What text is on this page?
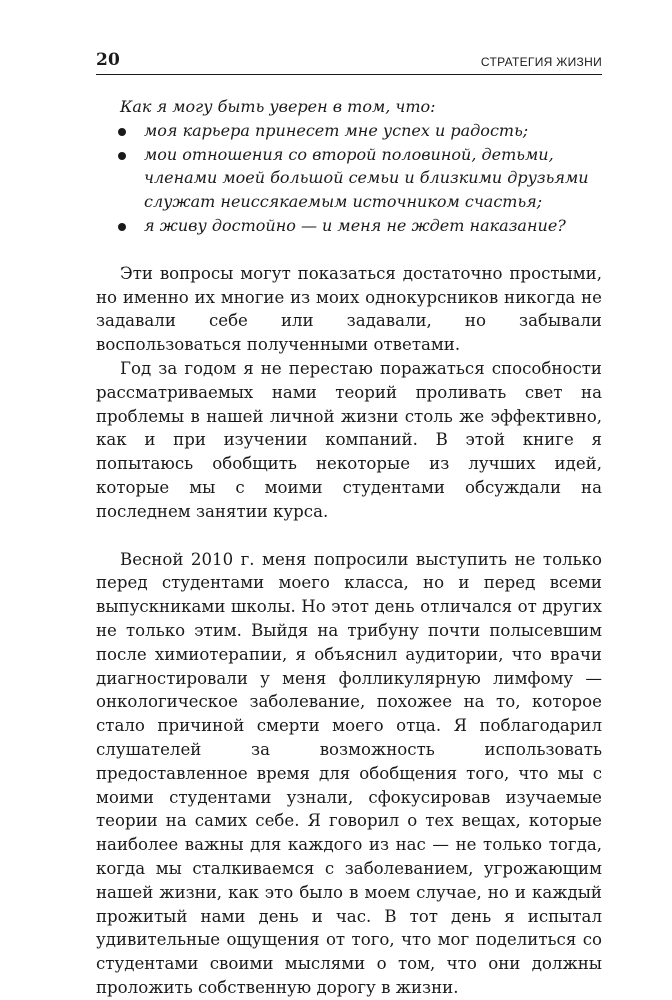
20	СТРАТЕГИЯ ЖИЗНИ

Как я могу быть уверен в том, что:

моя карьера принесет мне успех и радость;
мои отношения со второй половиной, детьми, членами моей большой семьи и близкими друзьями служат неиссякаемым источником счастья;
я живу достойно — и меня не ждет наказание?

Эти вопросы могут показаться достаточно простыми, но именно их многие из моих однокурсников никогда не задавали себе или задавали, но забывали воспользоваться полученными ответами.

Год за годом я не перестаю поражаться способности рассматриваемых нами теорий проливать свет на проблемы в нашей личной жизни столь же эффективно, как и при изучении компаний. В этой книге я попытаюсь обобщить некоторые из лучших идей, которые мы с моими студентами обсуждали на последнем занятии курса.

Весной 2010 г. меня попросили выступить не только перед студентами моего класса, но и перед всеми выпускниками школы. Но этот день отличался от других не только этим. Выйдя на трибуну почти полысевшим после химиотерапии, я объяснил аудитории, что врачи диагностировали у меня фолликулярную лимфому — онкологическое заболевание, похожее на то, которое стало причиной смерти моего отца. Я поблагодарил слушателей за возможность использовать предоставленное время для обобщения того, что мы с моими студентами узнали, сфокусировав изучаемые теории на самих себе. Я говорил о тех вещах, которые наиболее важны для каждого из нас — не только тогда, когда мы сталкиваемся с заболеванием, угрожающим нашей жизни, как это было в моем случае, но и каждый прожитый нами день и час. В тот день я испытал удивительные ощущения от того, что мог поделиться со студентами своими мыслями о том, что они должны проложить собственную дорогу в жизни.
